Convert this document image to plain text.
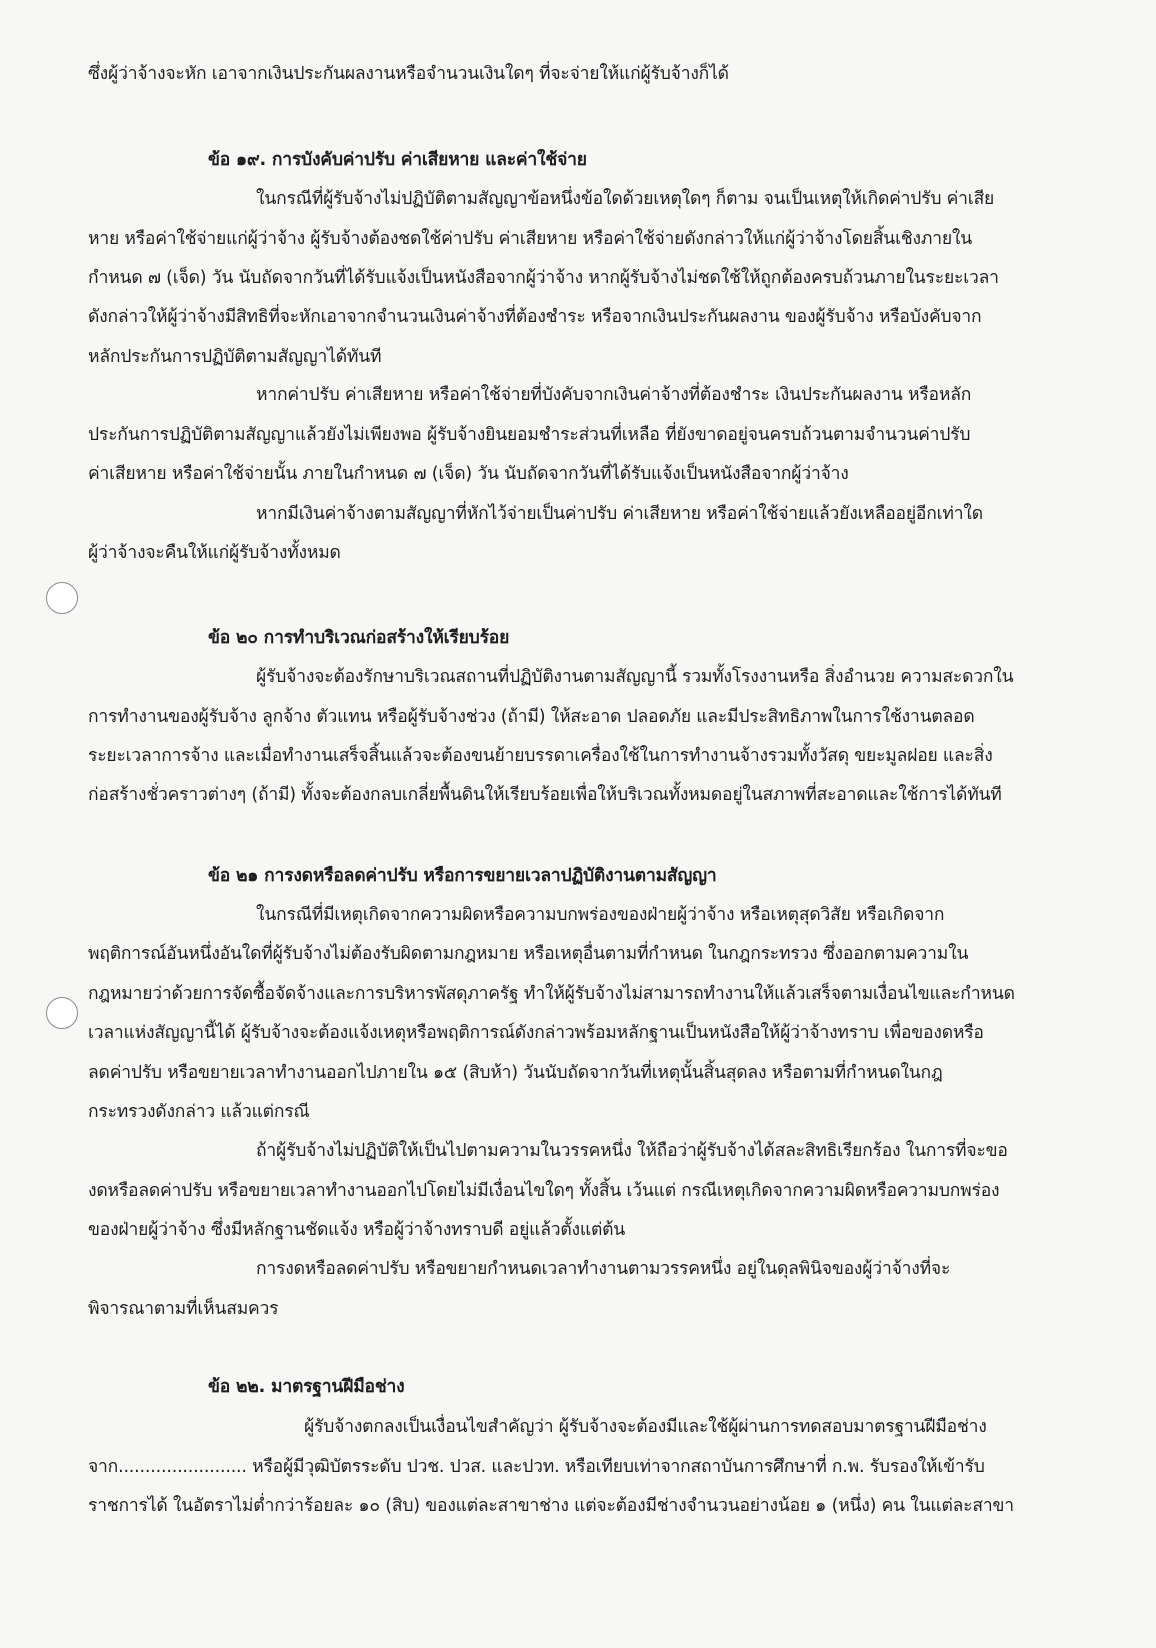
ซึ่งผู้ว่าจ้างจะหัก เอาจากเงินประกันผลงานหรือจำนวนเงินใดๆ ที่จะจ่ายให้แก่ผู้รับจ้างก็ได้
ข้อ ๑๙. การบังคับค่าปรับ ค่าเสียหาย และค่าใช้จ่าย
ในกรณีที่ผู้รับจ้างไม่ปฏิบัติตามสัญญาข้อหนึ่งข้อใดด้วยเหตุใดๆ ก็ตาม จนเป็นเหตุให้เกิดค่าปรับ ค่าเสีย
หาย หรือค่าใช้จ่ายแก่ผู้ว่าจ้าง ผู้รับจ้างต้องชดใช้ค่าปรับ ค่าเสียหาย หรือค่าใช้จ่ายดังกล่าวให้แก่ผู้ว่าจ้างโดยสิ้นเชิงภายใน
กำหนด ๗ (เจ็ด) วัน นับถัดจากวันที่ได้รับแจ้งเป็นหนังสือจากผู้ว่าจ้าง หากผู้รับจ้างไม่ชดใช้ให้ถูกต้องครบถ้วนภายในระยะเวลา
ดังกล่าวให้ผู้ว่าจ้างมีสิทธิที่จะหักเอาจากจำนวนเงินค่าจ้างที่ต้องชำระ หรือจากเงินประกันผลงาน ของผู้รับจ้าง หรือบังคับจาก
หลักประกันการปฏิบัติตามสัญญาได้ทันที
หากค่าปรับ ค่าเสียหาย หรือค่าใช้จ่ายที่บังคับจากเงินค่าจ้างที่ต้องชำระ เงินประกันผลงาน หรือหลัก
ประกันการปฏิบัติตามสัญญาแล้วยังไม่เพียงพอ ผู้รับจ้างยินยอมชำระส่วนที่เหลือ ที่ยังขาดอยู่จนครบถ้วนตามจำนวนค่าปรับ
ค่าเสียหาย หรือค่าใช้จ่ายนั้น ภายในกำหนด ๗ (เจ็ด) วัน นับถัดจากวันที่ได้รับแจ้งเป็นหนังสือจากผู้ว่าจ้าง
หากมีเงินค่าจ้างตามสัญญาที่หักไว้จ่ายเป็นค่าปรับ ค่าเสียหาย หรือค่าใช้จ่ายแล้วยังเหลืออยู่อีกเท่าใด
ผู้ว่าจ้างจะคืนให้แก่ผู้รับจ้างทั้งหมด
ข้อ ๒๐ การทำบริเวณก่อสร้างให้เรียบร้อย
ผู้รับจ้างจะต้องรักษาบริเวณสถานที่ปฏิบัติงานตามสัญญานี้ รวมทั้งโรงงานหรือ สิ่งอำนวย ความสะดวกใน
การทำงานของผู้รับจ้าง ลูกจ้าง ตัวแทน หรือผู้รับจ้างช่วง (ถ้ามี) ให้สะอาด ปลอดภัย และมีประสิทธิภาพในการใช้งานตลอด
ระยะเวลาการจ้าง และเมื่อทำงานเสร็จสิ้นแล้วจะต้องขนย้ายบรรดาเครื่องใช้ในการทำงานจ้างรวมทั้งวัสดุ ขยะมูลฝอย และสิ่ง
ก่อสร้างชั่วคราวต่างๆ (ถ้ามี) ทั้งจะต้องกลบเกลี่ยพื้นดินให้เรียบร้อยเพื่อให้บริเวณทั้งหมดอยู่ในสภาพที่สะอาดและใช้การได้ทันที
ข้อ ๒๑ การงดหรือลดค่าปรับ หรือการขยายเวลาปฏิบัติงานตามสัญญา
ในกรณีที่มีเหตุเกิดจากความผิดหรือความบกพร่องของฝ่ายผู้ว่าจ้าง หรือเหตุสุดวิสัย หรือเกิดจาก
พฤติการณ์อันหนึ่งอันใดที่ผู้รับจ้างไม่ต้องรับผิดตามกฎหมาย หรือเหตุอื่นตามที่กำหนด ในกฎกระทรวง ซึ่งออกตามความใน
กฎหมายว่าด้วยการจัดซื้อจัดจ้างและการบริหารพัสดุภาครัฐ ทำให้ผู้รับจ้างไม่สามารถทำงานให้แล้วเสร็จตามเงื่อนไขและกำหนด
เวลาแห่งสัญญานี้ได้ ผู้รับจ้างจะต้องแจ้งเหตุหรือพฤติการณ์ดังกล่าวพร้อมหลักฐานเป็นหนังสือให้ผู้ว่าจ้างทราบ เพื่อของดหรือ
ลดค่าปรับ หรือขยายเวลาทำงานออกไปภายใน ๑๕ (สิบห้า) วันนับถัดจากวันที่เหตุนั้นสิ้นสุดลง หรือตามที่กำหนดในกฎ
กระทรวงดังกล่าว แล้วแต่กรณี
ถ้าผู้รับจ้างไม่ปฏิบัติให้เป็นไปตามความในวรรคหนึ่ง ให้ถือว่าผู้รับจ้างได้สละสิทธิเรียกร้อง ในการที่จะขอ
งดหรือลดค่าปรับ หรือขยายเวลาทำงานออกไปโดยไม่มีเงื่อนไขใดๆ ทั้งสิ้น เว้นแต่ กรณีเหตุเกิดจากความผิดหรือความบกพร่อง
ของฝ่ายผู้ว่าจ้าง ซึ่งมีหลักฐานชัดแจ้ง หรือผู้ว่าจ้างทราบดี อยู่แล้วตั้งแต่ต้น
การงดหรือลดค่าปรับ หรือขยายกำหนดเวลาทำงานตามวรรคหนึ่ง อยู่ในดุลพินิจของผู้ว่าจ้างที่จะ
พิจารณาตามที่เห็นสมควร
ข้อ ๒๒. มาตรฐานฝีมือช่าง
ผู้รับจ้างตกลงเป็นเงื่อนไขสำคัญว่า ผู้รับจ้างจะต้องมีและใช้ผู้ผ่านการทดสอบมาตรฐานฝีมือช่าง
จาก........................ หรือผู้มีวุฒิบัตรระดับ ปวช. ปวส. และปวท. หรือเทียบเท่าจากสถาบันการศึกษาที่ ก.พ. รับรองให้เข้ารับ
ราชการได้ ในอัตราไม่ต่ำกว่าร้อยละ ๑๐ (สิบ) ของแต่ละสาขาช่าง แต่จะต้องมีช่างจำนวนอย่างน้อย ๑ (หนึ่ง) คน ในแต่ละสาขา
